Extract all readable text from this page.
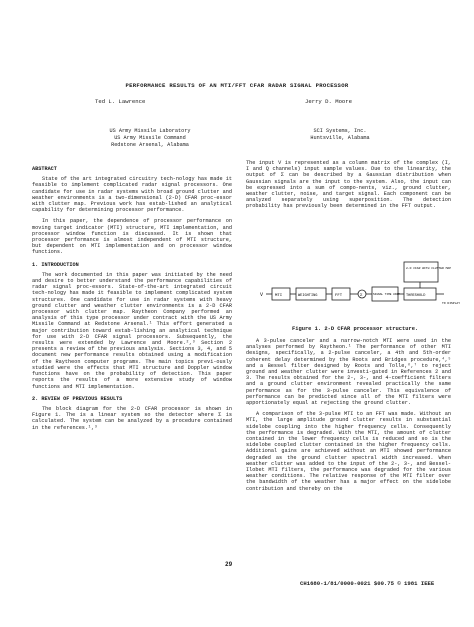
PERFORMANCE RESULTS OF AN MTI/FFT CFAR RADAR SIGNAL PROCESSOR
Ted L. Lawrence	Jerry D. Moore
US Army Missile Laboratory
US Army Missile Command
Redstone Arsenal, Alabama
SCI Systems, Inc.
Huntsville, Alabama
ABSTRACT

State of the art integrated circuitry tech-nology has made it feasible to implement complicated radar signal processors. One candidate for use in radar systems with broad ground clutter and weather environments is a two-dimensional (2-D) CFAR proc-essor with clutter map. Previous work has estab-lished an analytical capability for determining processor performance.

In this paper, the dependence of processor performance on moving target indicator (MTI) structure, MTI implementation, and processor window function is discussed. It is shown that processor performance is almost independent of MTI structure, but dependent on MTI implementation and on processor window functions.

1. INTRODUCTION

The work documented in this paper was initiated by the need and desire to better understand the performance capabilities of radar signal proc-essors. State-of-the-art integrated circuit tech-nology has made it feasible to implement complicated system structures. One candidate for use in radar systems with heavy ground clutter and weather clutter environments is a 2-D CFAR processor with clutter map. Raytheon Company performed an analysis of this type processor under contract with the US Army Missile Command at Redstone Arsenal.¹ This effort generated a major contribution toward estab-lishing an analytical technique for use with 2-D CFAR signal processors. Subsequently, the results were extended by Lawrence and Moore.²,³ Section 2 presents a review of the previous analysis. Sections 3, 4, and 5 document new performance results obtained using a modification of the Raytheon computer programs. The main topics previ-ously studied were the effects that MTI structure and Doppler window functions have on the probability of detection. This paper reports the results of a more extensive study of window functions and MTI implementation.

2. REVIEW OF PREVIOUS RESULTS

The block diagram for the 2-D CFAR processor is shown in Figure 1. The is a linear system so the detector where Σ is calculated. The system can be analyzed by a procedure contained in the references.¹,³

The input V is represented as a column matrix of the complex (I, I and Q channels) input sample values. Due to the linearity, the output of Σ can be described by a Gaussian distribution when Gaussian signals are the input to the system. Also, the input can be expressed into a sum of compo-nents, viz., ground clutter, weather clutter, noise, and target signal. Each component can be analyzed separately using superposition. The detection probability has previously been determined in the FFT output.

V	MTI	WEIGHTING	FFT	Σ	SIGNAL TIME UNIT THRESHOLD
TO DISPLAY
2-D CFAR WITH CLUTTER MAP
Figure 1. 2-D CFAR processor structure.

A 3-pulse canceler and a narrow-notch MTI were used in the analyses performed by Raytheon.¹ The performance of other MTI designs, specifically, a 2-pulse canceler, a 4th and 5th-order coherent delay determined by the Roots and Bridges procedure,⁴,⁵ and a Bessel filter designed by Roots and Tolle,⁶,⁷ to reject ground and weather clutter were investi-gated in References 2 and 3. The results obtained for the 2-, 3-, and 4-coefficient filters and a ground clutter environment revealed practically the same performance as for the 3-pulse canceler. This equivalence of performance can be predicted since all of the MTI filters were apportionately equal at rejecting the ground clutter.

A comparison of the 3-pulse MTI to an FFT was made. Without an MTI, the large amplitude ground clutter results in substantial sidelobe coupling into the higher frequency cells. Consequently the performance is degraded. With the MTI, the amount of clutter contained in the lower frequency cells is reduced and so is the sidelobe coupled clutter contained in the higher frequency cells. Additional gains are achieved without an MTI showed performance degraded as the ground clutter spectral width increased. When weather clutter was added to the input of the 2-, 3-, and Bessel-Ilobet MTI filters, the performance was degraded for the various weather conditions. The relative response of the MTI filter over the bandwidth of the weather has a major effect on the sidelobe contribution and thereby on the

29
CH1680-1/81/0000-0021 $00.75 © 1981 IEEE
